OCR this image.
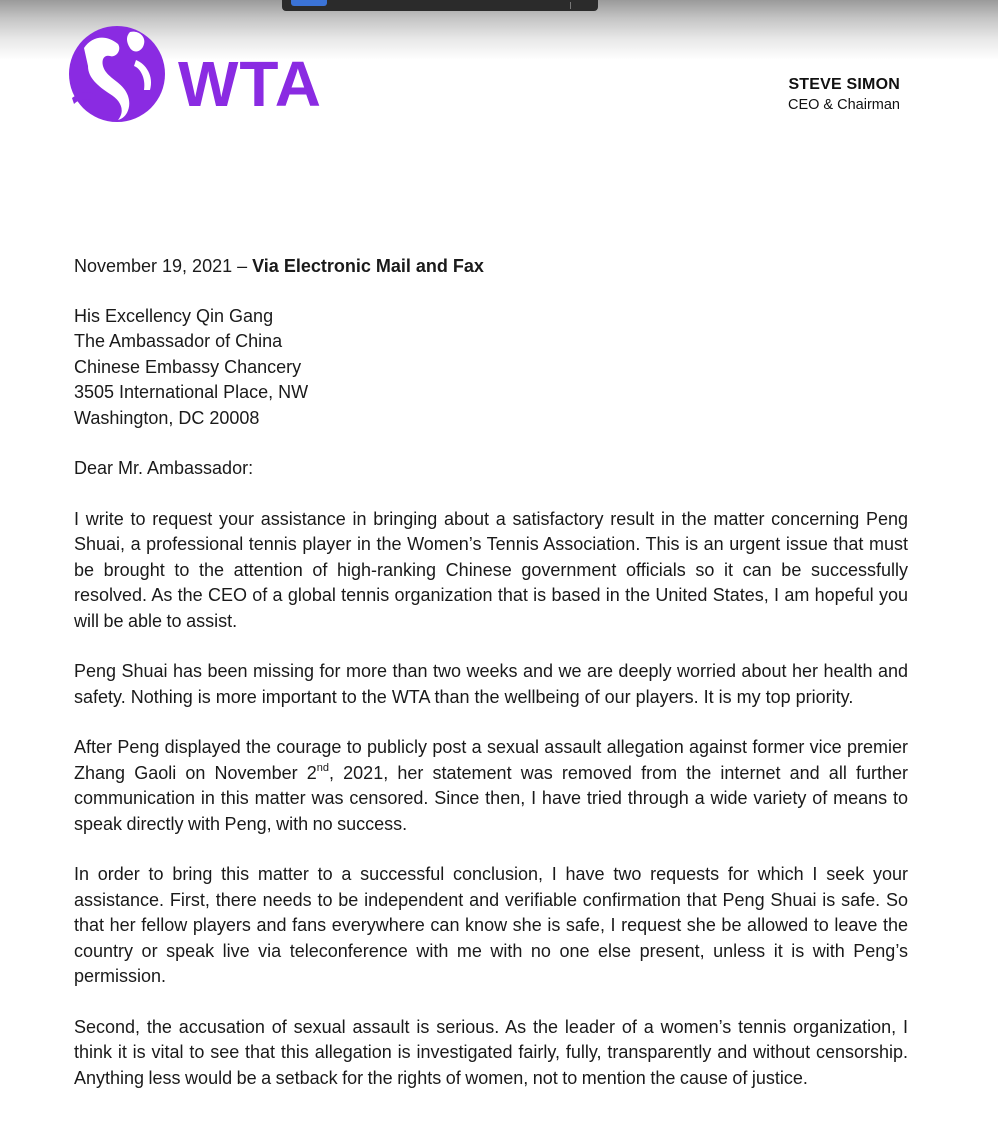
WTA	STEVE SIMON
CEO & Chairman

November 19, 2021 – Via Electronic Mail and Fax

His Excellency Qin Gang
The Ambassador of China
Chinese Embassy Chancery
3505 International Place, NW
Washington, DC 20008
Dear Mr. Ambassador:

I write to request your assistance in bringing about a satisfactory result in the matter concerning Peng Shuai, a professional tennis player in the Women’s Tennis Association. This is an urgent issue that must be brought to the attention of high-ranking Chinese government officials so it can be successfully resolved. As the CEO of a global tennis organization that is based in the United States, I am hopeful you will be able to assist.

Peng Shuai has been missing for more than two weeks and we are deeply worried about her health and safety. Nothing is more important to the WTA than the wellbeing of our players. It is my top priority.

After Peng displayed the courage to publicly post a sexual assault allegation against former vice premier Zhang Gaoli on November 2nd, 2021, her statement was removed from the internet and all further communication in this matter was censored. Since then, I have tried through a wide variety of means to speak directly with Peng, with no success.

In order to bring this matter to a successful conclusion, I have two requests for which I seek your assistance. First, there needs to be independent and verifiable confirmation that Peng Shuai is safe. So that her fellow players and fans everywhere can know she is safe, I request she be allowed to leave the country or speak live via teleconference with me with no one else present, unless it is with Peng’s permission.

Second, the accusation of sexual assault is serious. As the leader of a women’s tennis organization, I think it is vital to see that this allegation is investigated fairly, fully, transparently and without censorship. Anything less would be a setback for the rights of women, not to mention the cause of justice.
